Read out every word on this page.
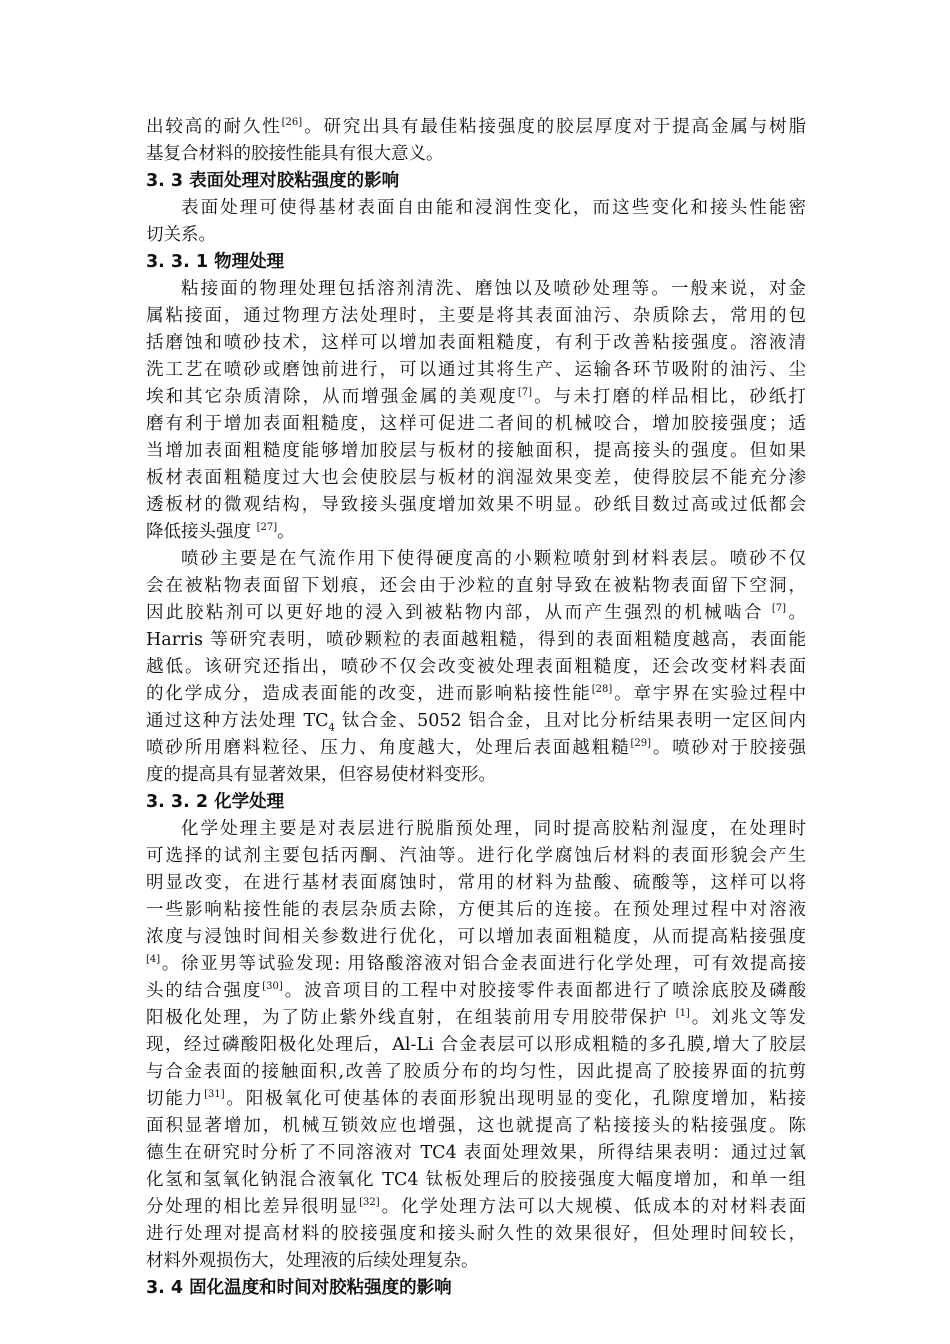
出较高的耐久性[26]。研究出具有最佳粘接强度的胶层厚度对于提高金属与树脂
基复合材料的胶接性能具有很大意义。
3. 3 表面处理对胶粘强度的影响
表面处理可使得基材表面自由能和浸润性变化，而这些变化和接头性能密
切关系。
3. 3. 1 物理处理
粘接面的物理处理包括溶剂清洗、磨蚀以及喷砂处理等。一般来说，对金
属粘接面，通过物理方法处理时，主要是将其表面油污、杂质除去，常用的包
括磨蚀和喷砂技术，这样可以增加表面粗糙度，有利于改善粘接强度。溶液清
洗工艺在喷砂或磨蚀前进行，可以通过其将生产、运输各环节吸附的油污、尘
埃和其它杂质清除，从而增强金属的美观度[7]。与未打磨的样品相比，砂纸打
磨有利于增加表面粗糙度，这样可促进二者间的机械咬合，增加胶接强度；适
当增加表面粗糙度能够增加胶层与板材的接触面积，提高接头的强度。但如果
板材表面粗糙度过大也会使胶层与板材的润湿效果变差，使得胶层不能充分渗
透板材的微观结构，导致接头强度增加效果不明显。砂纸目数过高或过低都会
降低接头强度 [27]。
喷砂主要是在气流作用下使得硬度高的小颗粒喷射到材料表层。喷砂不仅
会在被粘物表面留下划痕，还会由于沙粒的直射导致在被粘物表面留下空洞，
因此胶粘剂可以更好地的浸入到被粘物内部，从而产生强烈的机械啮合 [7]。
Harris 等研究表明，喷砂颗粒的表面越粗糙，得到的表面粗糙度越高，表面能
越低。该研究还指出，喷砂不仅会改变被处理表面粗糙度，还会改变材料表面
的化学成分，造成表面能的改变，进而影响粘接性能[28]。章宇界在实验过程中
通过这种方法处理 $TC_4$ 钛合金、5052 铝合金，且对比分析结果表明一定区间内
喷砂所用磨料粒径、压力、角度越大，处理后表面越粗糙[29]。喷砂对于胶接强
度的提高具有显著效果，但容易使材料变形。
3. 3. 2 化学处理
化学处理主要是对表层进行脱脂预处理，同时提高胶粘剂湿度，在处理时
可选择的试剂主要包括丙酮、汽油等。进行化学腐蚀后材料的表面形貌会产生
明显改变，在进行基材表面腐蚀时，常用的材料为盐酸、硫酸等，这样可以将
一些影响粘接性能的表层杂质去除，方便其后的连接。在预处理过程中对溶液
浓度与浸蚀时间相关参数进行优化，可以增加表面粗糙度，从而提高粘接强度
[4]。徐亚男等试验发现: 用铬酸溶液对铝合金表面进行化学处理，可有效提高接
头的结合强度[30]。波音项目的工程中对胶接零件表面都进行了喷涂底胶及磷酸
阳极化处理，为了防止紫外线直射，在组装前用专用胶带保护 [1]。刘兆文等发
现，经过磷酸阳极化处理后，Al-Li 合金表层可以形成粗糙的多孔膜,增大了胶层
与合金表面的接触面积,改善了胶质分布的均匀性，因此提高了胶接界面的抗剪
切能力[31]。阳极氧化可使基体的表面形貌出现明显的变化，孔隙度增加，粘接
面积显著增加，机械互锁效应也增强，这也就提高了粘接接头的粘接强度。陈
德生在研究时分析了不同溶液对 TC4 表面处理效果，所得结果表明：通过过氧
化氢和氢氧化钠混合液氧化 TC4 钛板处理后的胶接强度大幅度增加，和单一组
分处理的相比差异很明显[32]。化学处理方法可以大规模、低成本的对材料表面
进行处理对提高材料的胶接强度和接头耐久性的效果很好，但处理时间较长，
材料外观损伤大，处理液的后续处理复杂。
3. 4 固化温度和时间对胶粘强度的影响
